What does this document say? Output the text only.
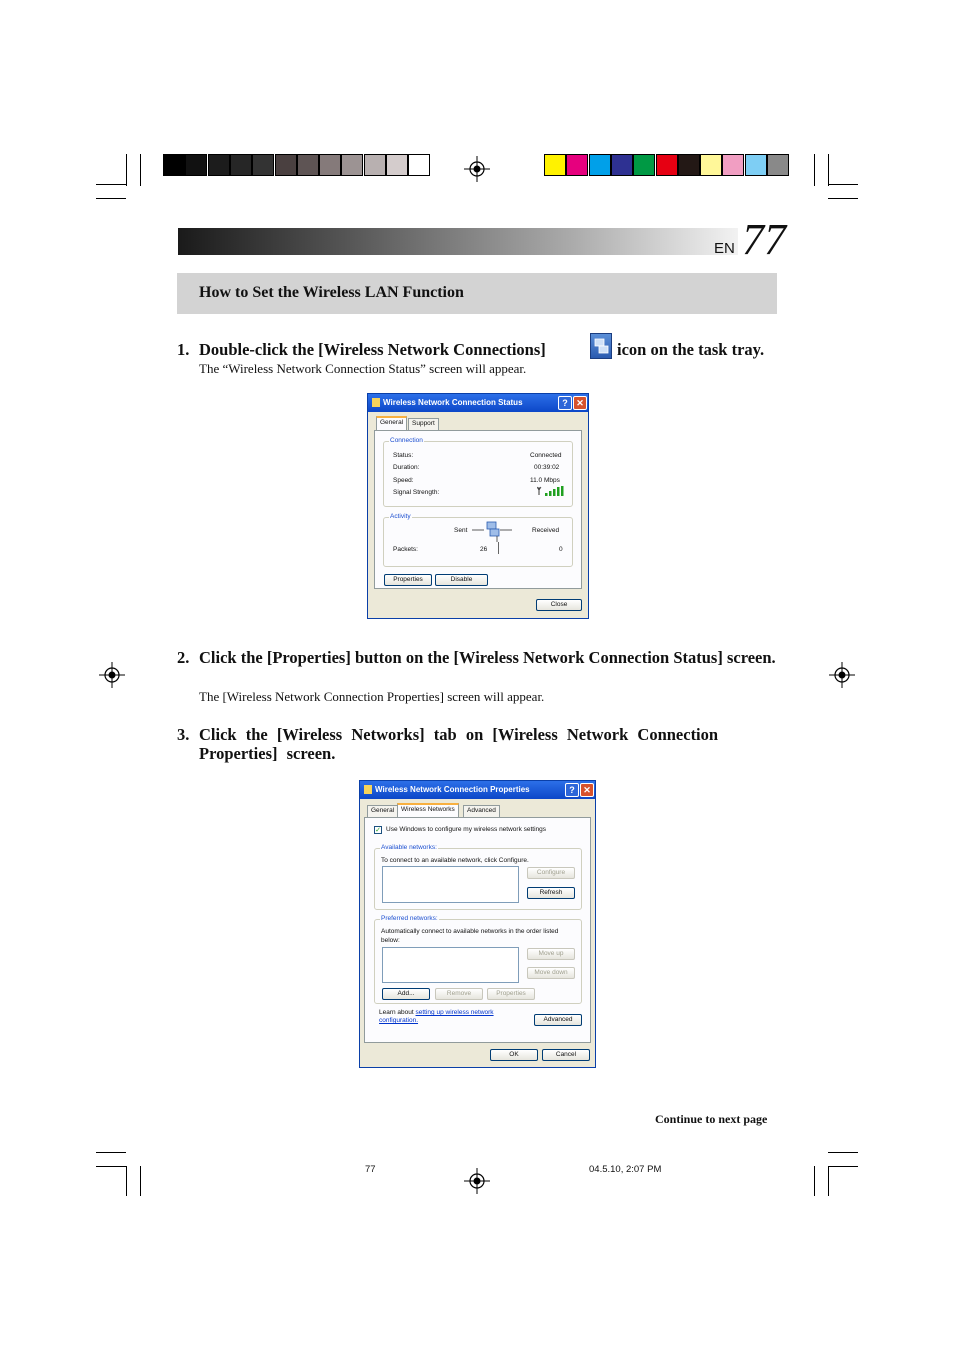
EN 77
How to Set the Wireless LAN Function
1. Double-click the [Wireless Network Connections]	icon on the task tray.
The “Wireless Network Connection Status” screen will appear.
Wireless Network Connection Status	? ✕
General	Support
Connection
Status:	Connected
Duration:	00:39:02
Speed:	11.0 Mbps
Signal Strength:
Activity
Sent	Received
Packets:	26	0
Properties	Disable
Close
2. Click the [Properties] button on the [Wireless Network Connection Status] screen.
The [Wireless Network Connection Properties] screen will appear.
3. Click the [Wireless Networks] tab on [Wireless Network Connection Properties] screen.
Wireless Network Connection Properties	? ✕
General	Wireless Networks	Advanced
✓ Use Windows to configure my wireless network settings
Available networks:
To connect to an available network, click Configure.
Configure
Refresh
Preferred networks:
Automatically connect to available networks in the order listed
below:
Move up
Move down
Add...	Remove	Properties
Learn about setting up wireless network
configuration.	Advanced
OK	Cancel
Continue to next page
77	04.5.10, 2:07 PM
